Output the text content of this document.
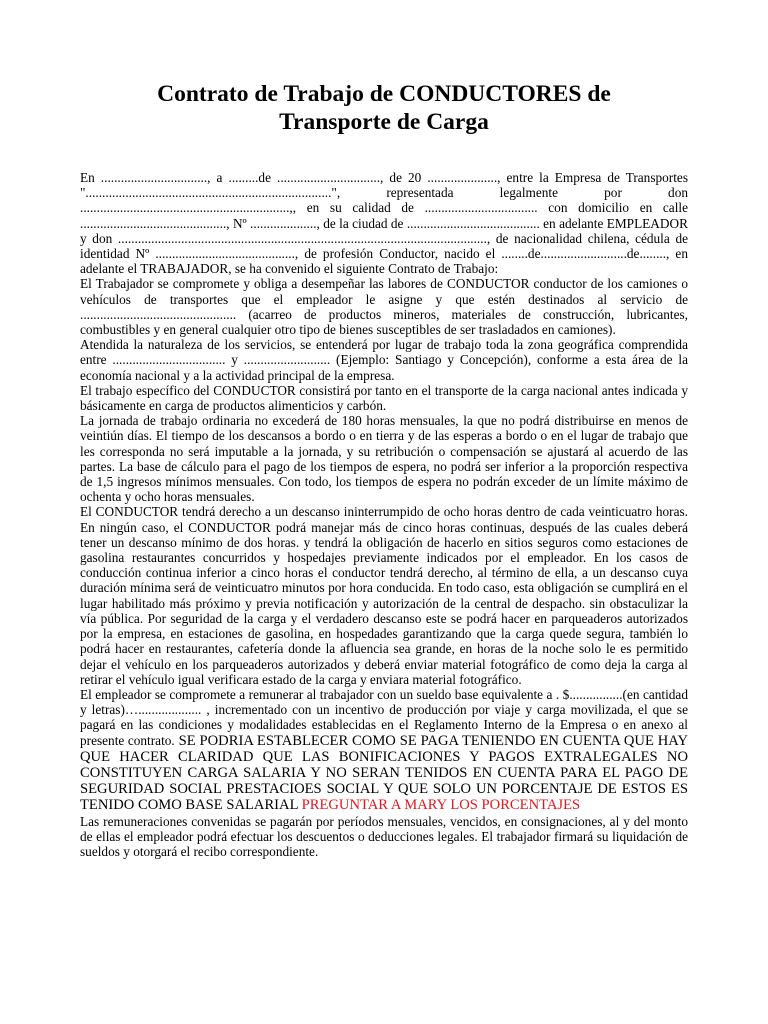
Contrato de Trabajo de CONDUCTORES de
Transporte de Carga

En ................................, a .........de ..............................., de 20 ....................., entre la Empresa de Transportes "..........................................................................", representada legalmente por don ...............................................................,, en su calidad de .................................. con domicilio en calle ............................................, Nº ...................., de la ciudad de ........................................ en adelante EMPLEADOR y don ..............................................................................................................., de nacionalidad chilena, cédula de identidad Nº .........................................., de profesión Conductor, nacido el ........de..........................de........, en adelante el TRABAJADOR, se ha convenido el siguiente Contrato de Trabajo:

El Trabajador se compromete y obliga a desempeñar las labores de CONDUCTOR conductor de los camiones o vehículos de transportes que el empleador le asigne y que estén destinados al servicio de ............................................... (acarreo de productos mineros, materiales de construcción, lubricantes, combustibles y en general cualquier otro tipo de bienes susceptibles de ser trasladados en camiones).

Atendida la naturaleza de los servicios, se entenderá por lugar de trabajo toda la zona geográfica comprendida entre .................................. y .......................... (Ejemplo: Santiago y Concepción), conforme a esta área de la economía nacional y a la actividad principal de la empresa.

El trabajo específico del CONDUCTOR consistirá por tanto en el transporte de la carga nacional antes indicada y básicamente en carga de productos alimenticios y carbón.

La jornada de trabajo ordinaria no excederá de 180 horas mensuales, la que no podrá distribuirse en menos de veintiún días. El tiempo de los descansos a bordo o en tierra y de las esperas a bordo o en el lugar de trabajo que les corresponda no será imputable a la jornada, y su retribución o compensación se ajustará al acuerdo de las partes. La base de cálculo para el pago de los tiempos de espera, no podrá ser inferior a la proporción respectiva de 1,5 ingresos mínimos mensuales. Con todo, los tiempos de espera no podrán exceder de un límite máximo de ochenta y ocho horas mensuales.

El CONDUCTOR tendrá derecho a un descanso ininterrumpido de ocho horas dentro de cada veinticuatro horas. En ningún caso, el CONDUCTOR podrá manejar más de cinco horas continuas, después de las cuales deberá tener un descanso mínimo de dos horas. y tendrá la obligación de hacerlo en sitios seguros como estaciones de gasolina restaurantes concurridos y hospedajes previamente indicados por el empleador. En los casos de conducción continua inferior a cinco horas el conductor tendrá derecho, al término de ella, a un descanso cuya duración mínima será de veinticuatro minutos por hora conducida. En todo caso, esta obligación se cumplirá en el lugar habilitado más próximo y previa notificación y autorización de la central de despacho. sin obstaculizar la vía pública. Por seguridad de la carga y el verdadero descanso este se podrá hacer en parqueaderos autorizados por la empresa, en estaciones de gasolina, en hospedades garantizando que la carga quede segura, también lo podrá hacer en restaurantes, cafetería donde la afluencia sea grande, en horas de la noche solo le es permitido dejar el vehículo en los parqueaderos autorizados y deberá enviar material fotográfico de como deja la carga al retirar el vehículo igual verificara estado de la carga y enviara material fotográfico.

El empleador se compromete a remunerar al trabajador con un sueldo base equivalente a . $................(en cantidad y letras)…................... , incrementado con un incentivo de producción por viaje y carga movilizada, el que se pagará en las condiciones y modalidades establecidas en el Reglamento Interno de la Empresa o en anexo al presente contrato. SE PODRIA ESTABLECER COMO SE PAGA TENIENDO EN CUENTA QUE HAY QUE HACER CLARIDAD QUE LAS BONIFICACIONES Y PAGOS EXTRALEGALES NO CONSTITUYEN CARGA SALARIA Y NO SERAN TENIDOS EN CUENTA PARA EL PAGO DE SEGURIDAD SOCIAL PRESTACIOES SOCIAL Y QUE SOLO UN PORCENTAJE DE ESTOS ES TENIDO COMO BASE SALARIAL PREGUNTAR A MARY LOS PORCENTAJES

Las remuneraciones convenidas se pagarán por períodos mensuales, vencidos, en consignaciones, al y del monto de ellas el empleador podrá efectuar los descuentos o deducciones legales. El trabajador firmará su liquidación de sueldos y otorgará el recibo correspondiente.
